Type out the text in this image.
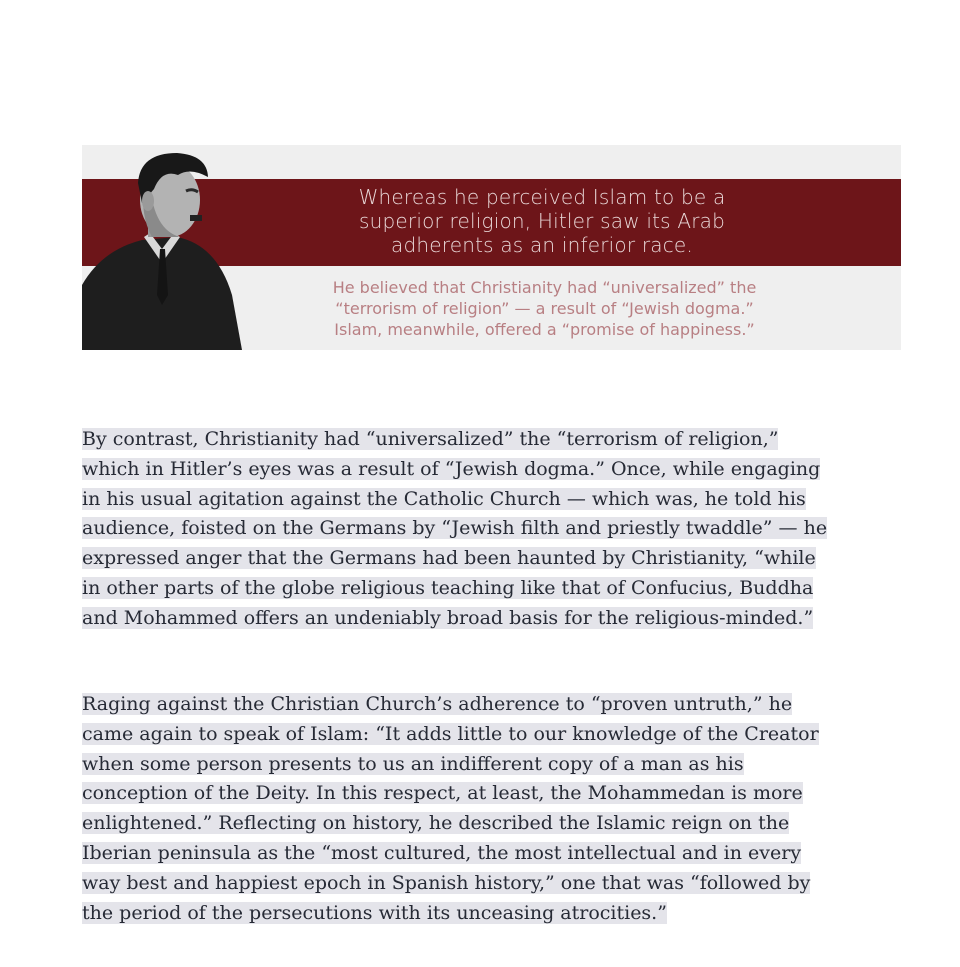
Whereas he perceived Islam to be a
superior religion, Hitler saw its Arab
adherents as an inferior race.
He believed that Christianity had “universalized” the
“terrorism of religion” — a result of “Jewish dogma.”
Islam, meanwhile, offered a “promise of happiness.”
By contrast, Christianity had “universalized” the “terrorism of religion,”
which in Hitler’s eyes was a result of “Jewish dogma.” Once, while engaging
in his usual agitation against the Catholic Church — which was, he told his
audience, foisted on the Germans by “Jewish filth and priestly twaddle” — he
expressed anger that the Germans had been haunted by Christianity, “while
in other parts of the globe religious teaching like that of Confucius, Buddha
and Mohammed offers an undeniably broad basis for the religious-minded.”
Raging against the Christian Church’s adherence to “proven untruth,” he
came again to speak of Islam: “It adds little to our knowledge of the Creator
when some person presents to us an indifferent copy of a man as his
conception of the Deity. In this respect, at least, the Mohammedan is more
enlightened.” Reflecting on history, he described the Islamic reign on the
Iberian peninsula as the “most cultured, the most intellectual and in every
way best and happiest epoch in Spanish history,” one that was “followed by
the period of the persecutions with its unceasing atrocities.”
